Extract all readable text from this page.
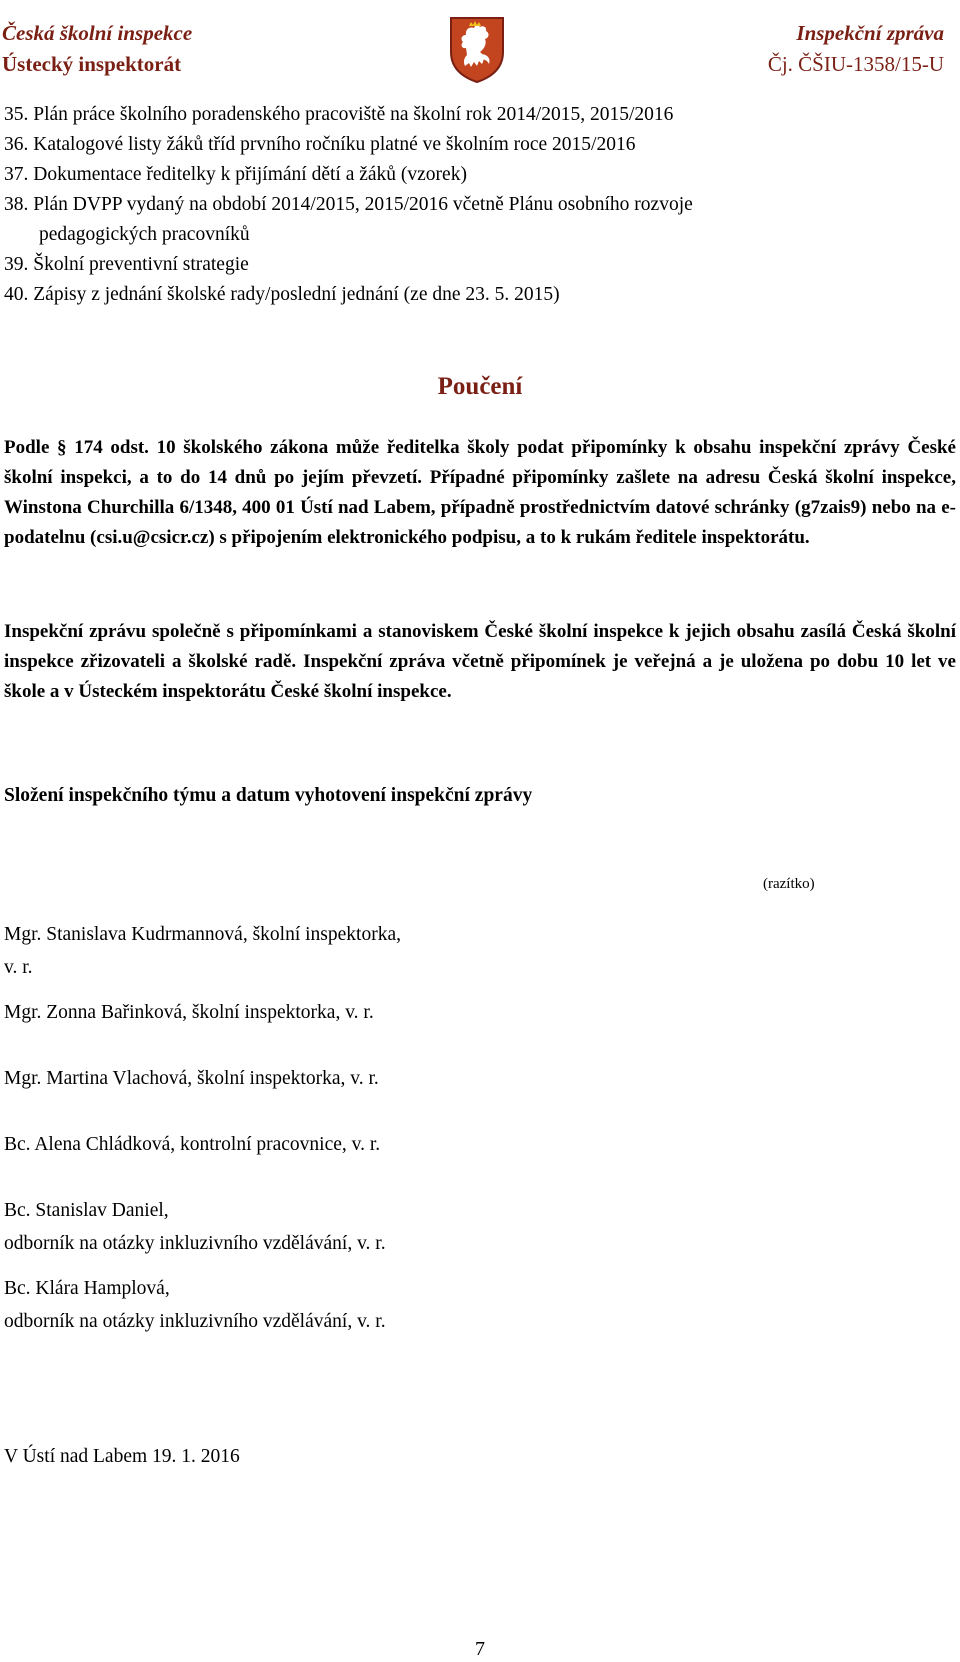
Česká školní inspekce
Ústecký inspektorát
Inspekční zpráva
Čj. ČŠIU-1358/15-U
35. Plán práce školního poradenského pracoviště na školní rok 2014/2015, 2015/2016
36. Katalogové listy žáků tříd prvního ročníku platné ve školním roce 2015/2016
37. Dokumentace ředitelky k přijímání dětí a žáků (vzorek)
38. Plán DVPP vydaný na období 2014/2015, 2015/2016 včetně Plánu osobního rozvoje
pedagogických pracovníků
39. Školní preventivní strategie
40. Zápisy z jednání školské rady/poslední jednání (ze dne 23. 5. 2015)
Poučení

Podle § 174 odst. 10 školského zákona může ředitelka školy podat připomínky k obsahu inspekční zprávy České školní inspekci, a to do 14 dnů po jejím převzetí. Případné připomínky zašlete na adresu Česká školní inspekce, Winstona Churchilla 6/1348, 400 01 Ústí nad Labem, případně prostřednictvím datové schránky (g7zais9) nebo na e-podatelnu (csi.u@csicr.cz) s připojením elektronického podpisu, a to k rukám ředitele inspektorátu.

Inspekční zprávu společně s připomínkami a stanoviskem České školní inspekce k jejich obsahu zasílá Česká školní inspekce zřizovateli a školské radě. Inspekční zpráva včetně připomínek je veřejná a je uložena po dobu 10 let ve škole a v Ústeckém inspektorátu České školní inspekce.

Složení inspekčního týmu a datum vyhotovení inspekční zprávy
(razítko)
Mgr. Stanislava Kudrmannová, školní inspektorka,
v. r.
Mgr. Zonna Bařinková, školní inspektorka, v. r.
Mgr. Martina Vlachová, školní inspektorka, v. r.
Bc. Alena Chládková, kontrolní pracovnice, v. r.
Bc. Stanislav Daniel,
odborník na otázky inkluzivního vzdělávání, v. r.
Bc. Klára Hamplová,
odborník na otázky inkluzivního vzdělávání, v. r.
V Ústí nad Labem 19. 1. 2016
7
